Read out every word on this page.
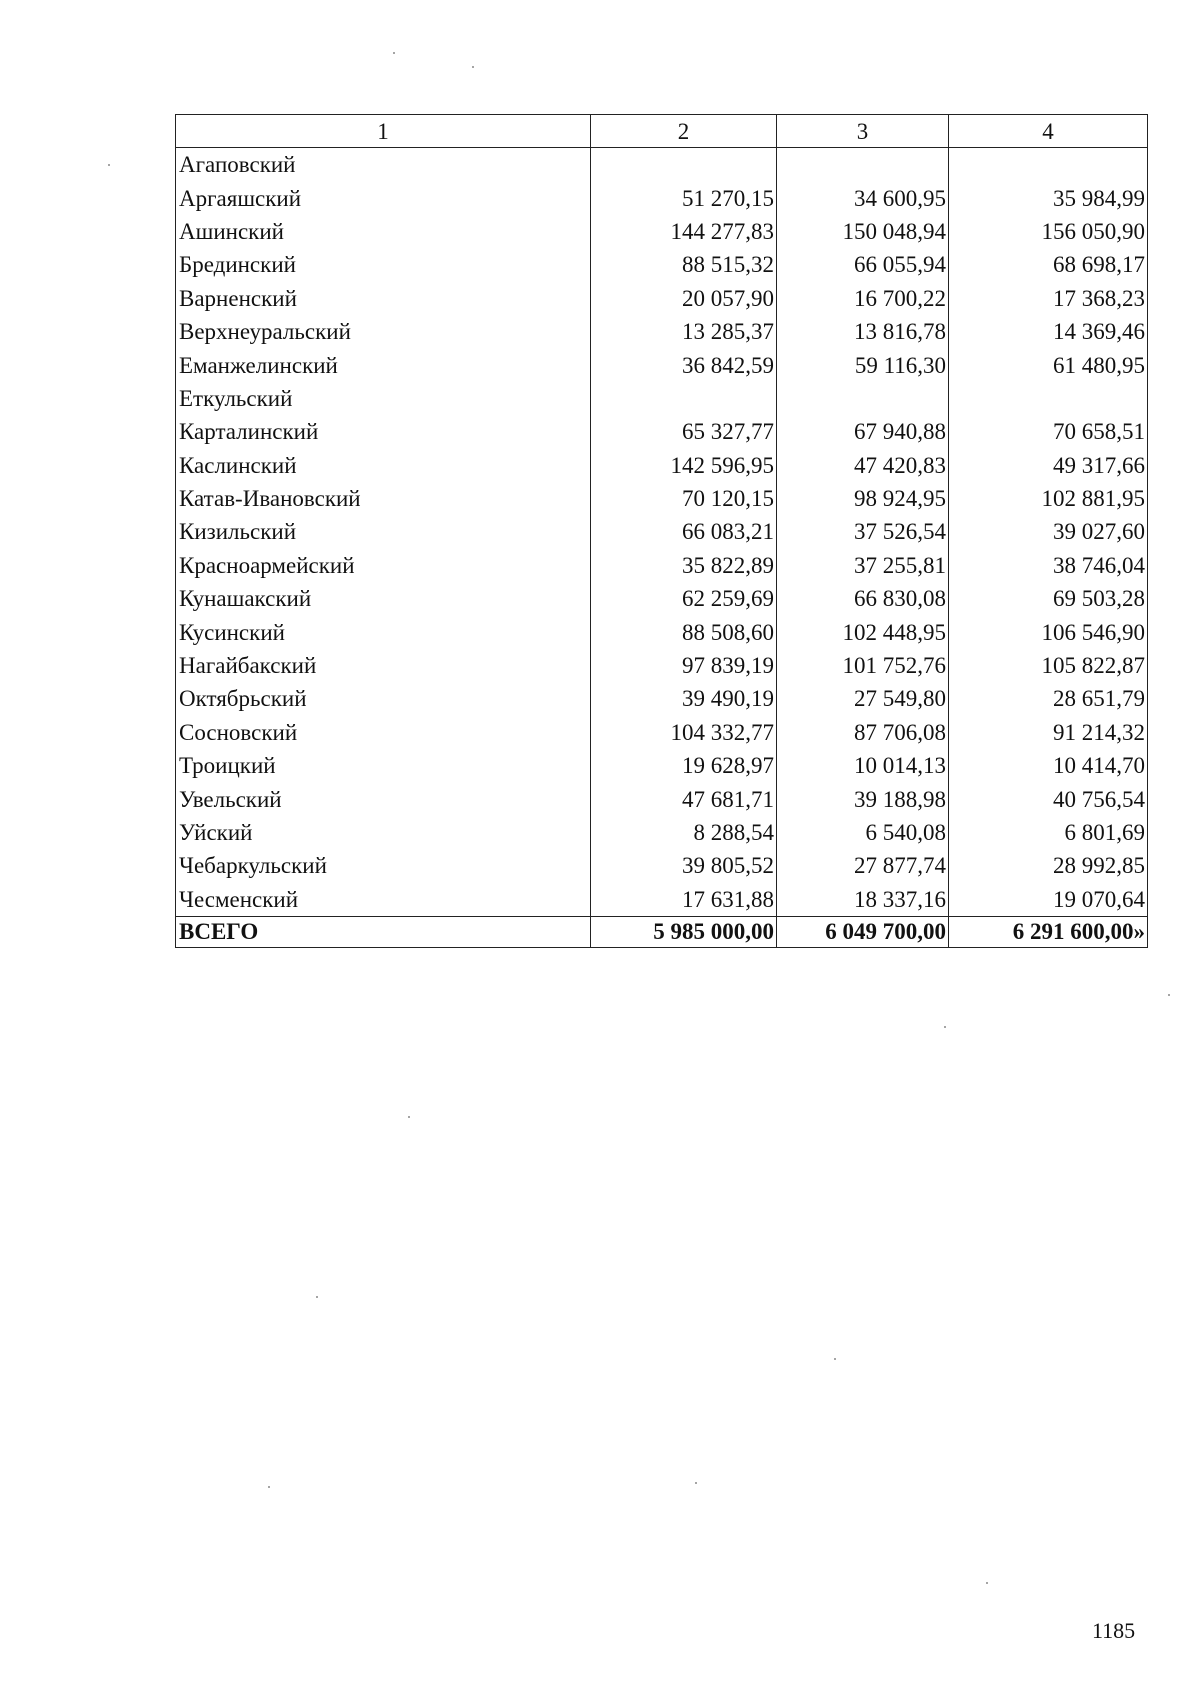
1	2	3	4
Агаповский			
Аргаяшский	51 270,15	34 600,95	35 984,99
Ашинский	144 277,83	150 048,94	156 050,90
Брединский	88 515,32	66 055,94	68 698,17
Варненский	20 057,90	16 700,22	17 368,23
Верхнеуральский	13 285,37	13 816,78	14 369,46
Еманжелинский	36 842,59	59 116,30	61 480,95
Еткульский			
Карталинский	65 327,77	67 940,88	70 658,51
Каслинский	142 596,95	47 420,83	49 317,66
Катав-Ивановский	70 120,15	98 924,95	102 881,95
Кизильский	66 083,21	37 526,54	39 027,60
Красноармейский	35 822,89	37 255,81	38 746,04
Кунашакский	62 259,69	66 830,08	69 503,28
Кусинский	88 508,60	102 448,95	106 546,90
Нагайбакский	97 839,19	101 752,76	105 822,87
Октябрьский	39 490,19	27 549,80	28 651,79
Сосновский	104 332,77	87 706,08	91 214,32
Троицкий	19 628,97	10 014,13	10 414,70
Увельский	47 681,71	39 188,98	40 756,54
Уйский	8 288,54	6 540,08	6 801,69
Чебаркульский	39 805,52	27 877,74	28 992,85
Чесменский	17 631,88	18 337,16	19 070,64
ВСЕГО	5 985 000,00	6 049 700,00	6 291 600,00»
1185
